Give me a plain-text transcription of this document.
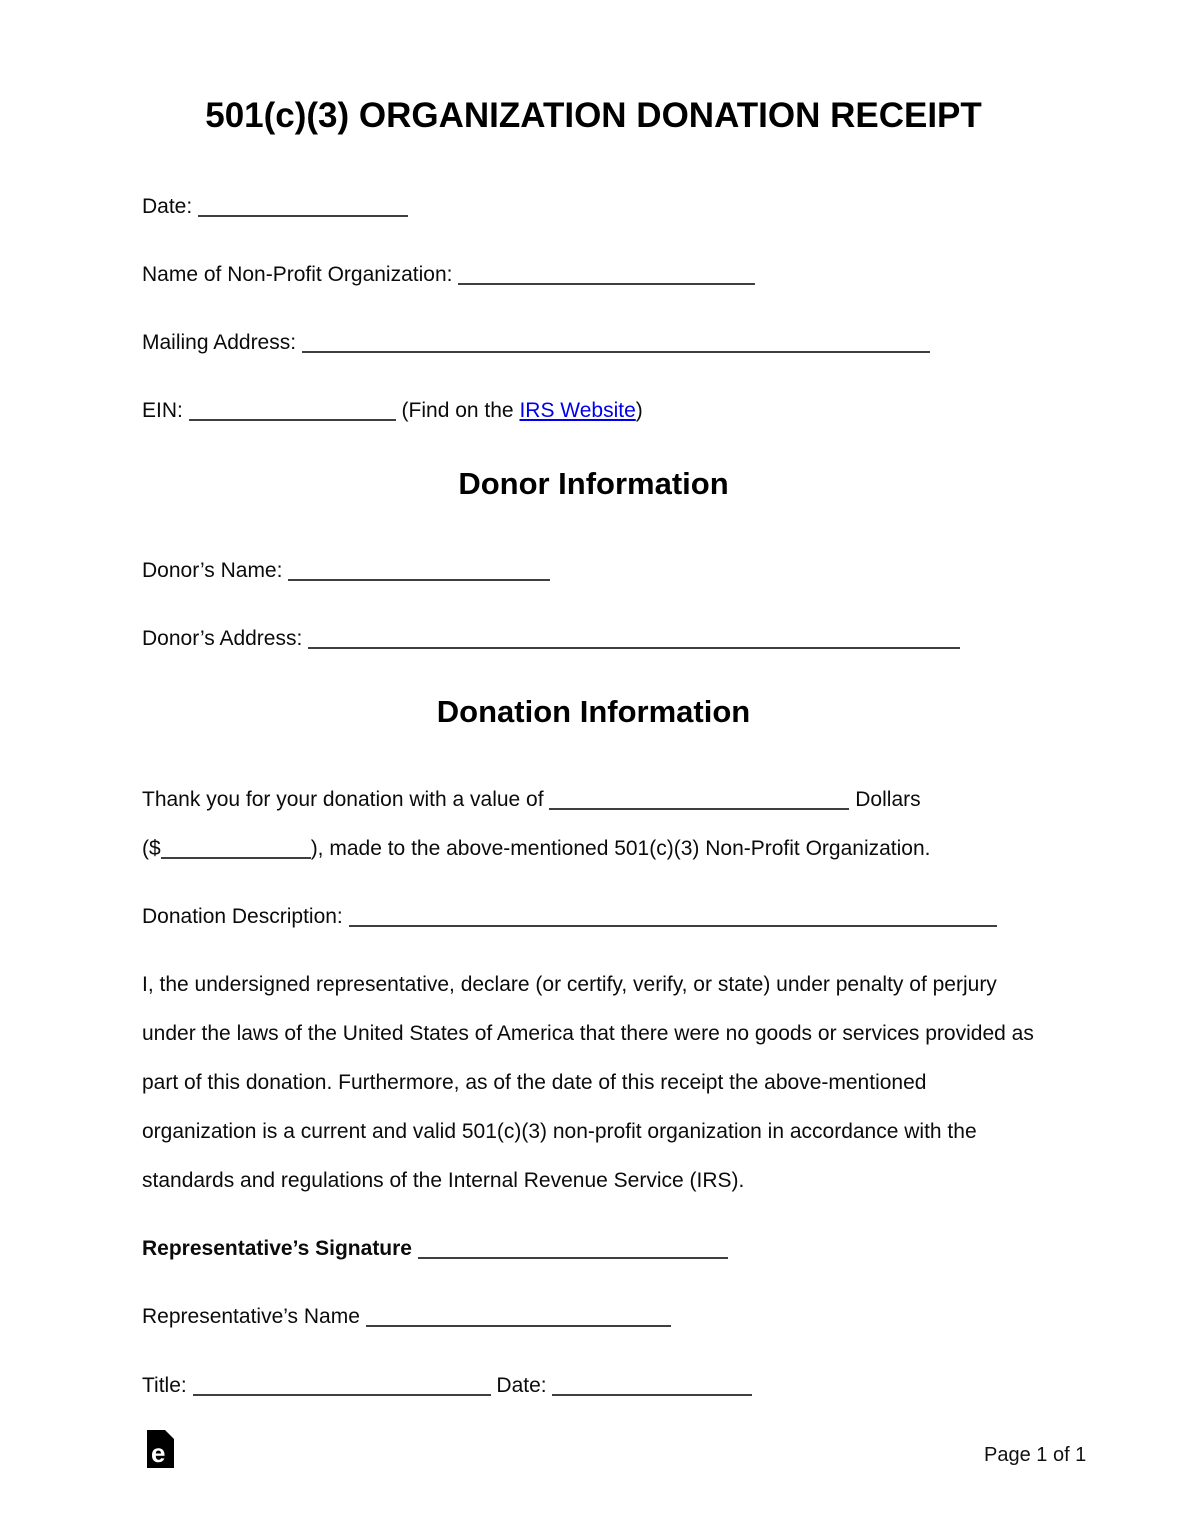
501(c)(3) ORGANIZATION DONATION RECEIPT
Date:
Name of Non-Profit Organization:
Mailing Address:
EIN:	(Find on the IRS Website)
Donor Information
Donor’s Name:
Donor’s Address:
Donation Information
Thank you for your donation with a value of	Dollars
($	), made to the above-mentioned 501(c)(3) Non-Profit Organization.
Donation Description:
I, the undersigned representative, declare (or certify, verify, or state) under penalty of perjury
under the laws of the United States of America that there were no goods or services provided as
part of this donation. Furthermore, as of the date of this receipt the above-mentioned
organization is a current and valid 501(c)(3) non-profit organization in accordance with the
standards and regulations of the Internal Revenue Service (IRS).
Representative’s Signature
Representative’s Name
Title:	Date:
e	Page 1 of 1
